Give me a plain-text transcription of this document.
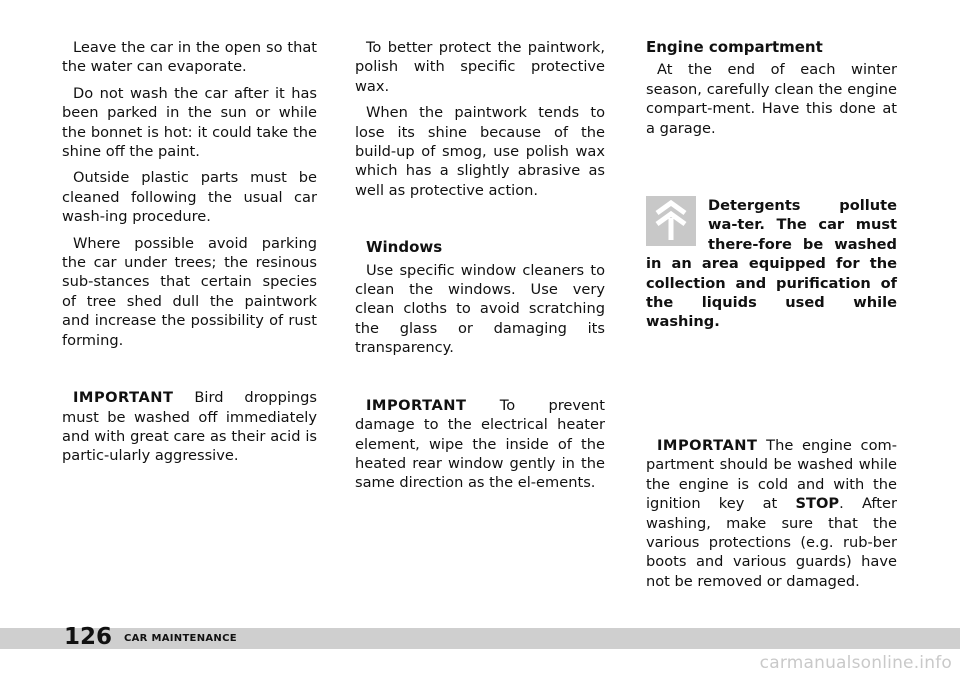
Leave the car in the open so that the water can evaporate.

Do not wash the car after it has been parked in the sun or while the bonnet is hot: it could take the shine off the paint.

Outside plastic parts must be cleaned following the usual car wash-ing procedure.

Where possible avoid parking the car under trees; the resinous sub-stances that certain species of tree shed dull the paintwork and increase the possibility of rust forming.

IMPORTANT Bird droppings must be washed off immediately and with great care as their acid is partic-ularly aggressive.

To better protect the paintwork, polish with specific protective wax.

When the paintwork tends to lose its shine because of the build-up of smog, use polish wax which has a slightly abrasive as well as protective action.

Windows

Use specific window cleaners to clean the windows. Use very clean cloths to avoid scratching the glass or damaging its transparency.

IMPORTANT To prevent damage to the electrical heater element, wipe the inside of the heated rear window gently in the same direction as the el-ements.

Engine compartment

At the end of each winter season, carefully clean the engine compart-ment. Have this done at a garage.

Detergents pollute wa-ter. The car must there-fore be washed in an area equipped for the collection and purification of the liquids used while washing.

IMPORTANT The engine com-partment should be washed while the engine is cold and with the ignition key at STOP. After washing, make sure that the various protections (e.g. rub-ber boots and various guards) have not be removed or damaged.

126 CAR MAINTENANCE
carmanualsonline.info
